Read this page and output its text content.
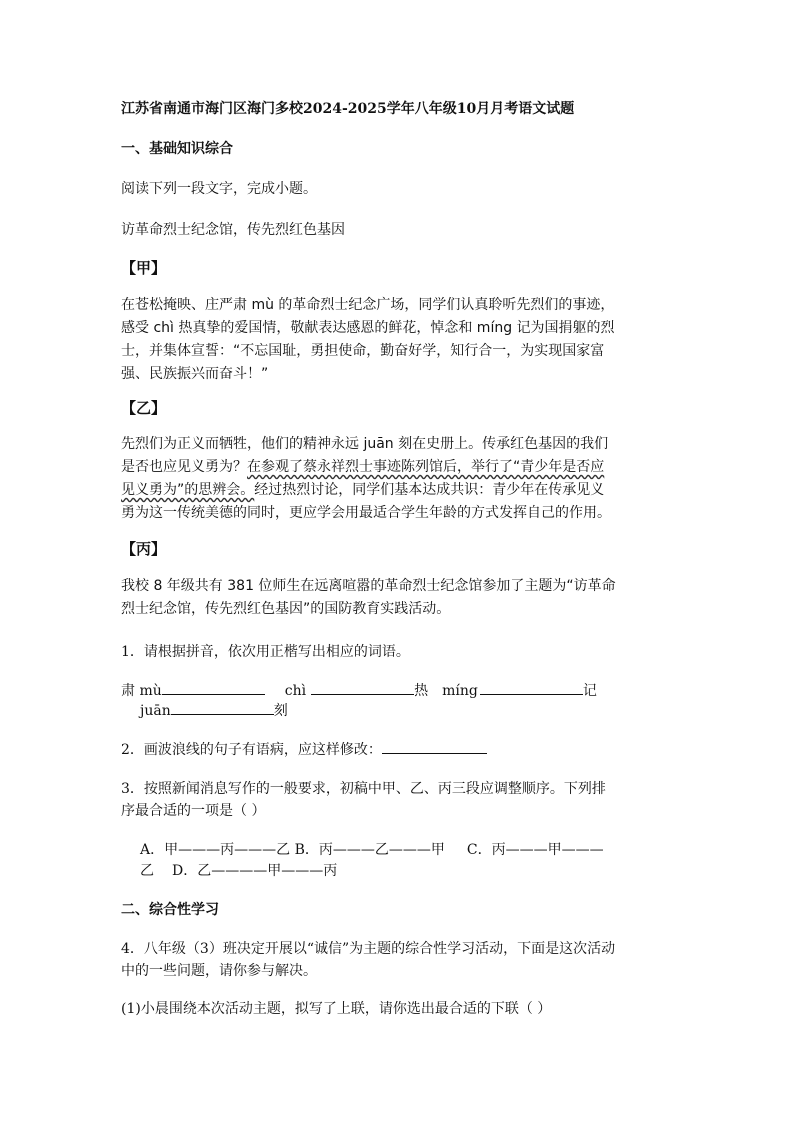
江苏省南通市海门区海门多校2024-2025学年八年级10月月考语文试题
一、基础知识综合
阅读下列一段文字，完成小题。
访革命烈士纪念馆，传先烈红色基因
【甲】
在苍松掩映、庄严肃 mù 的革命烈士纪念广场，同学们认真聆听先烈们的事迹，
感受 chì 热真挚的爱国情，敬献表达感恩的鲜花，悼念和 míng 记为国捐躯的烈
士，并集体宣誓：“不忘国耻，勇担使命，勤奋好学，知行合一，为实现国家富
强、民族振兴而奋斗！”
【乙】
先烈们为正义而牺牲，他们的精神永远 juān 刻在史册上。传承红色基因的我们
是否也应见义勇为？在参观了蔡永祥烈士事迹陈列馆后，举行了“青少年是否应
见义勇为”的思辨会。经过热烈讨论，同学们基本达成共识：青少年在传承见义
勇为这一传统美德的同时，更应学会用最适合学生年龄的方式发挥自己的作用。
【丙】
我校 8 年级共有 381 位师生在远离喧嚣的革命烈士纪念馆参加了主题为“访革命
烈士纪念馆，传先烈红色基因”的国防教育实践活动。
1．请根据拼音，依次用正楷写出相应的词语。
肃 mù	chì	热 míng	记
juān	刻
2．画波浪线的句子有语病，应这样修改：
3．按照新闻消息写作的一般要求，初稿中甲、乙、丙三段应调整顺序。下列排
序最合适的一项是（ ）
A．甲———丙———乙 B．丙———乙———甲 C．丙———甲———
乙 D．乙————甲———丙
二、综合性学习
4．八年级（3）班决定开展以“诚信”为主题的综合性学习活动，下面是这次活动
中的一些问题，请你参与解决。
(1)小晨围绕本次活动主题，拟写了上联，请你选出最合适的下联（ ）
